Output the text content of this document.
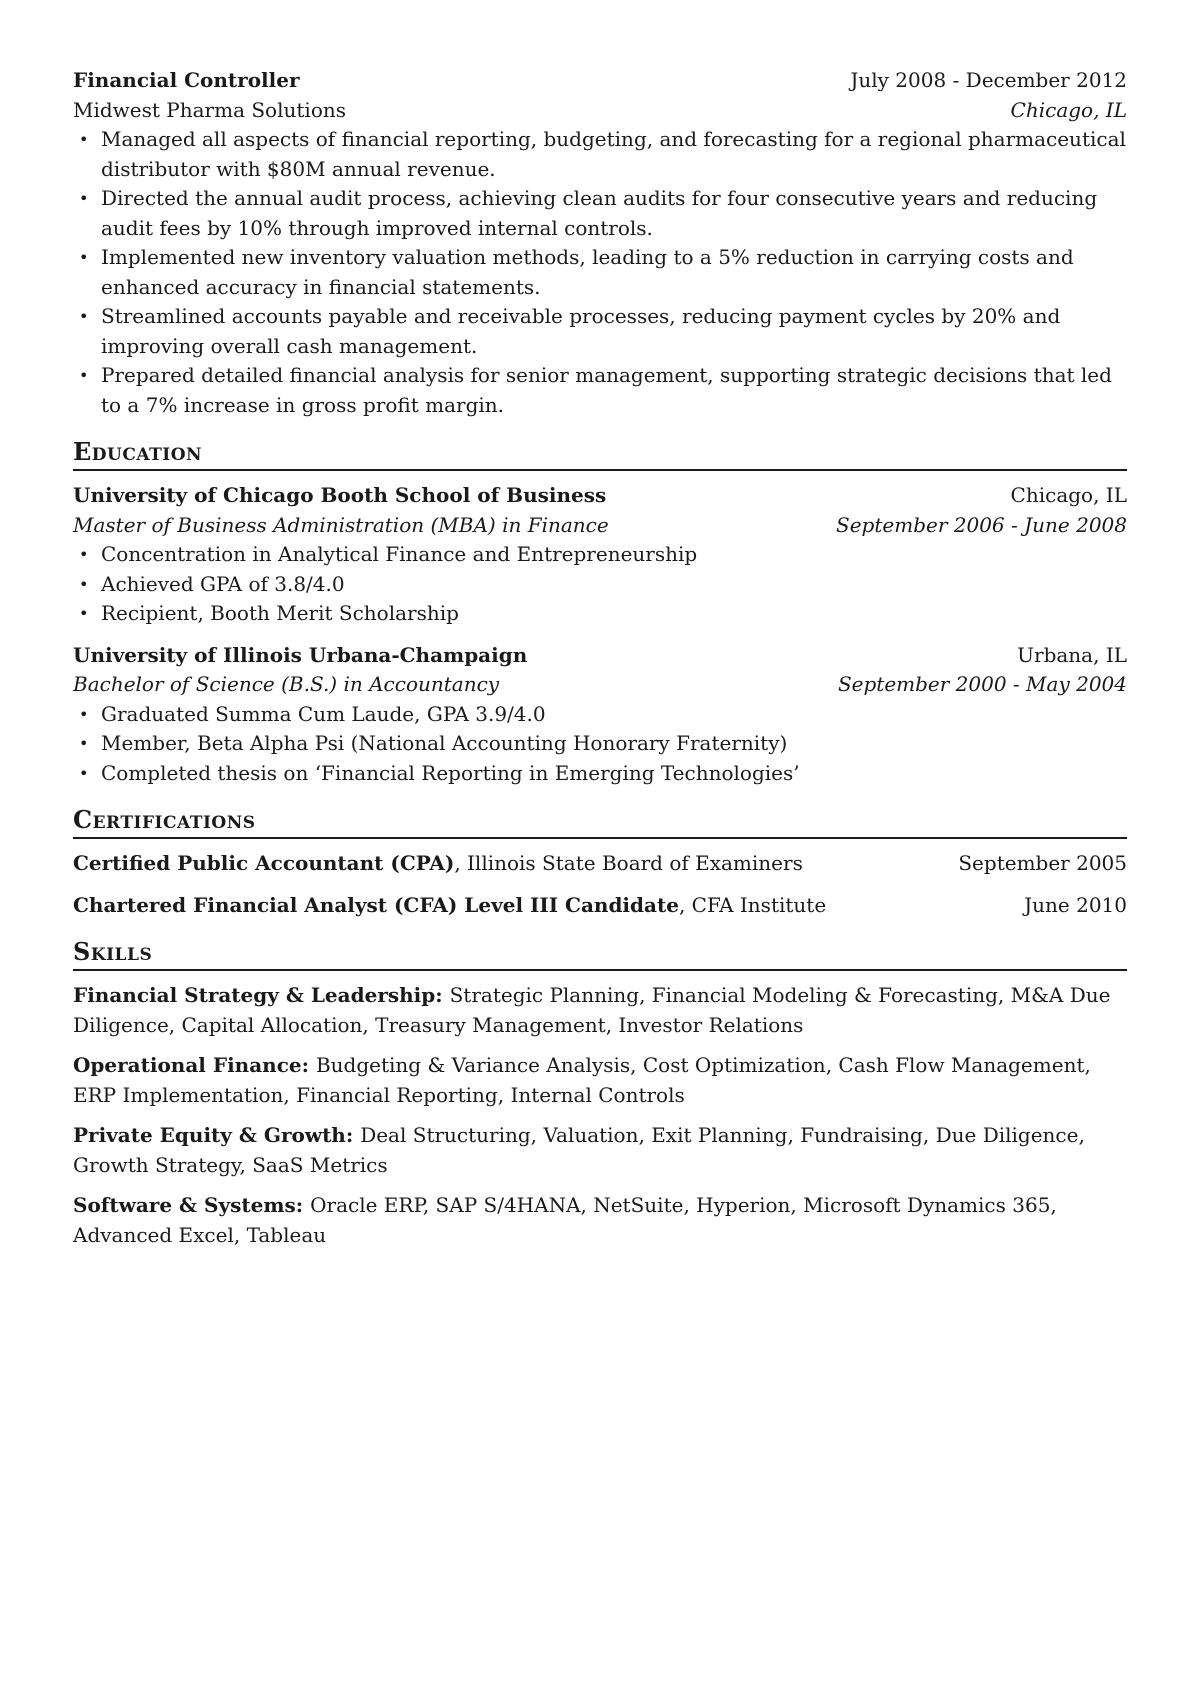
Financial Controller	July 2008 - December 2012
Midwest Pharma Solutions	Chicago, IL
• Managed all aspects of financial reporting, budgeting, and forecasting for a regional pharmaceutical distributor with $80M annual revenue.
• Directed the annual audit process, achieving clean audits for four consecutive years and reducing audit fees by 10% through improved internal controls.
• Implemented new inventory valuation methods, leading to a 5% reduction in carrying costs and enhanced accuracy in financial statements.
• Streamlined accounts payable and receivable processes, reducing payment cycles by 20% and improving overall cash management.
• Prepared detailed financial analysis for senior management, supporting strategic decisions that led to a 7% increase in gross profit margin.
Education
University of Chicago Booth School of Business	Chicago, IL
Master of Business Administration (MBA) in Finance	September 2006 - June 2008
• Concentration in Analytical Finance and Entrepreneurship
• Achieved GPA of 3.8/4.0
• Recipient, Booth Merit Scholarship
University of Illinois Urbana-Champaign	Urbana, IL
Bachelor of Science (B.S.) in Accountancy	September 2000 - May 2004
• Graduated Summa Cum Laude, GPA 3.9/4.0
• Member, Beta Alpha Psi (National Accounting Honorary Fraternity)
• Completed thesis on ‘Financial Reporting in Emerging Technologies’
Certifications
Certified Public Accountant (CPA), Illinois State Board of Examiners	September 2005
Chartered Financial Analyst (CFA) Level III Candidate, CFA Institute	June 2010
Skills
Financial Strategy & Leadership: Strategic Planning, Financial Modeling & Forecasting, M&A Due Diligence, Capital Allocation, Treasury Management, Investor Relations
Operational Finance: Budgeting & Variance Analysis, Cost Optimization, Cash Flow Management, ERP Implementation, Financial Reporting, Internal Controls
Private Equity & Growth: Deal Structuring, Valuation, Exit Planning, Fundraising, Due Diligence, Growth Strategy, SaaS Metrics
Software & Systems: Oracle ERP, SAP S/4HANA, NetSuite, Hyperion, Microsoft Dynamics 365, Advanced Excel, Tableau
